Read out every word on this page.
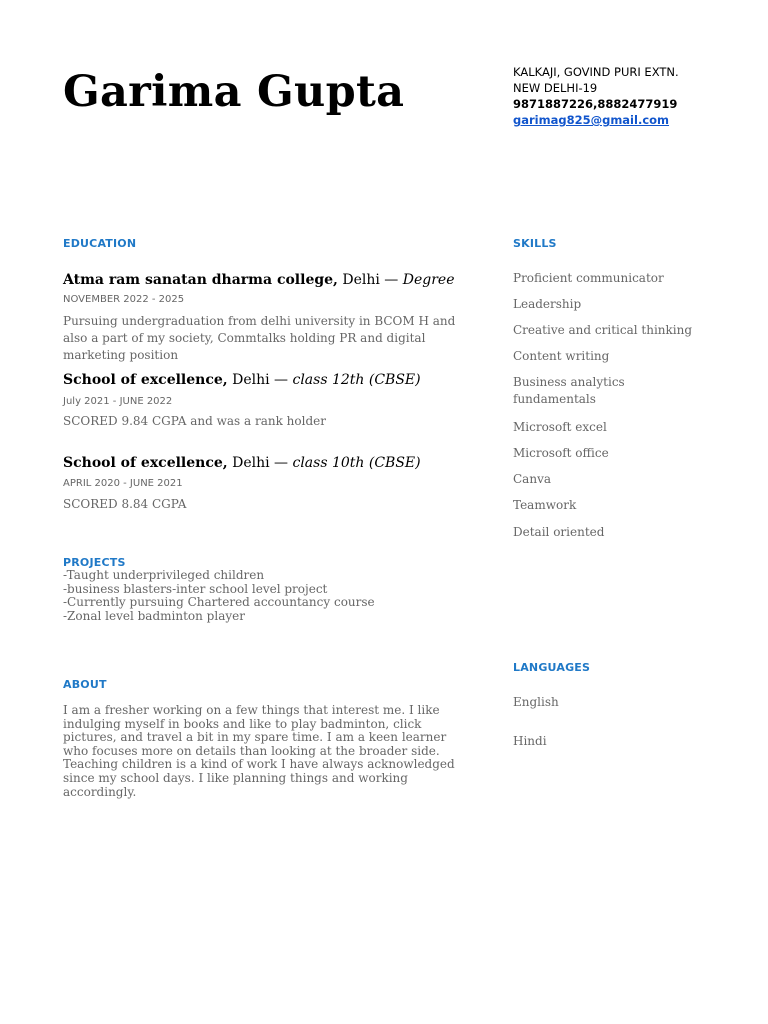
Garima Gupta	KALKAJI, GOVIND PURI EXTN.
NEW DELHI-19
9871887226,8882477919
garimag825@gmail.com
EDUCATION
Atma ram sanatan dharma college, Delhi — Degree
NOVEMBER 2022 - 2025
Pursuing undergraduation from delhi university in BCOM H and also a part of my society, Commtalks holding PR and digital marketing position
School of excellence, Delhi — class 12th (CBSE)
July 2021 - JUNE 2022
SCORED 9.84 CGPA and was a rank holder
School of excellence, Delhi — class 10th (CBSE)
APRIL 2020 - JUNE 2021
SCORED 8.84 CGPA
PROJECTS
-Taught underprivileged children
-business blasters-inter school level project
-Currently pursuing Chartered accountancy course
-Zonal level badminton player
ABOUT
I am a fresher working on a few things that interest me. I like indulging myself in books and like to play badminton, click pictures, and travel a bit in my spare time. I am a keen learner who focuses more on details than looking at the broader side. Teaching children is a kind of work I have always acknowledged since my school days. I like planning things and working accordingly.
SKILLS
Proficient communicator
Leadership
Creative and critical thinking
Content writing
Business analytics fundamentals
Microsoft excel
Microsoft office
Canva
Teamwork
Detail oriented
LANGUAGES
English
Hindi
